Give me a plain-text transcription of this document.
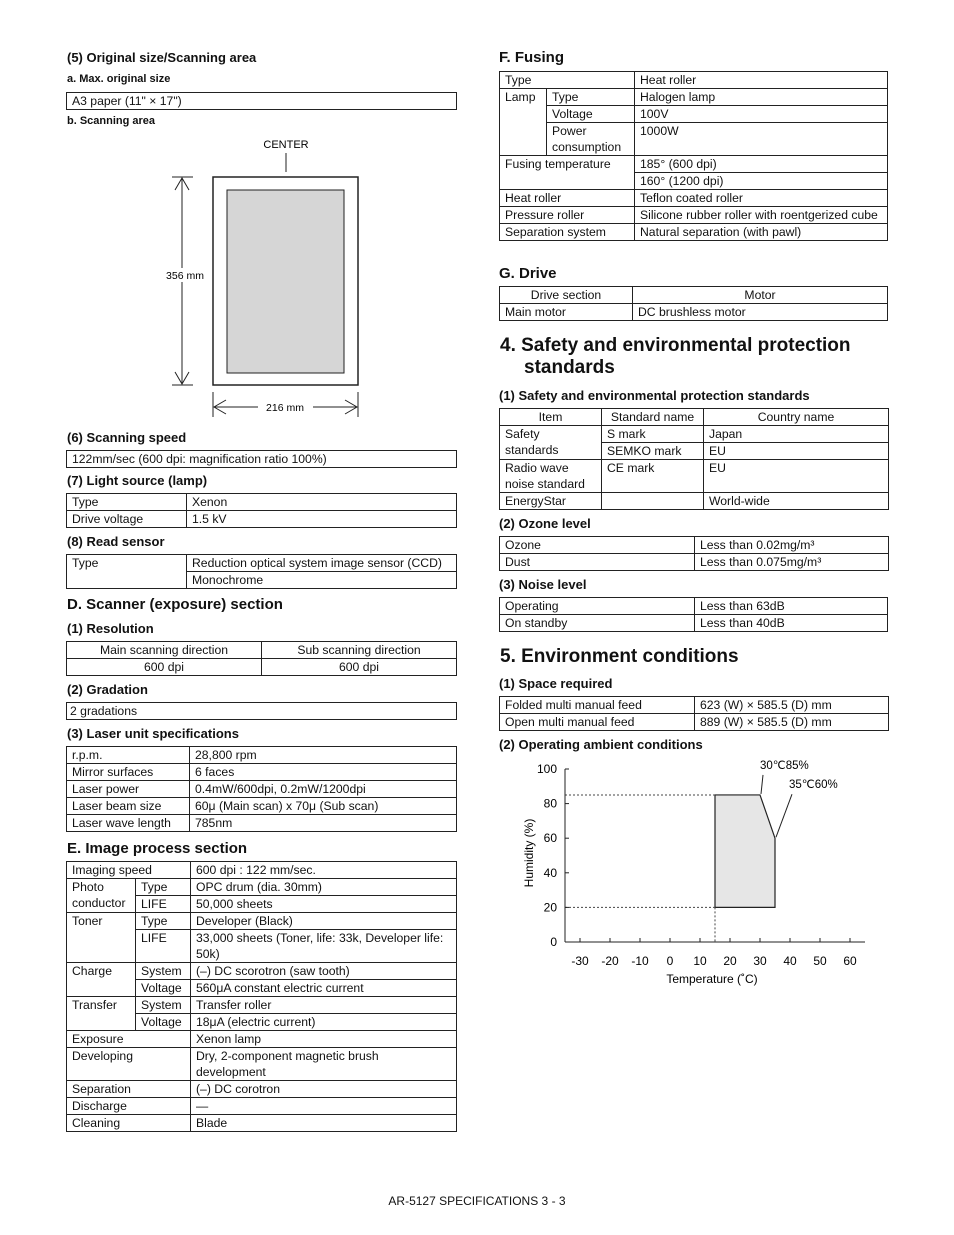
(5) Original size/Scanning area
a. Max. original size
A3 paper (11" × 17")
b. Scanning area
CENTER
356 mm
216 mm
(6) Scanning speed
122mm/sec (600 dpi: magnification ratio 100%)
(7) Light source (lamp)
Type	Xenon
Drive voltage	1.5 kV
(8) Read sensor
Type	Reduction optical system image sensor (CCD)
Monochrome
D. Scanner (exposure) section
(1) Resolution
Main scanning direction	Sub scanning direction
600 dpi	600 dpi
(2) Gradation
2 gradations
(3) Laser unit specifications
r.p.m.	28,800 rpm
Mirror surfaces	6 faces
Laser power	0.4mW/600dpi, 0.2mW/1200dpi
Laser beam size	60μ (Main scan) x 70μ (Sub scan)
Laser wave length	785nm
E. Image process section
Imaging speed		600 dpi : 122 mm/sec.
Photo conductor	Type	OPC drum (dia. 30mm)
	LIFE	50,000 sheets
Toner	Type	Developer (Black)
	LIFE	33,000 sheets (Toner, life: 33k, Developer life: 50k)
Charge	System	(–) DC scorotron (saw tooth)
	Voltage	560μA constant electric current
Transfer	System	Transfer roller
	Voltage	18μA (electric current)
Exposure		Xenon lamp
Developing		Dry, 2-component magnetic brush development
Separation		(–) DC corotron
Discharge		—
Cleaning		Blade
F. Fusing
Type		Heat roller
Lamp	Type	Halogen lamp
	Voltage	100V
	Power consumption	1000W
Fusing temperature		185° (600 dpi)
		160° (1200 dpi)
Heat roller		Teflon coated roller
Pressure roller		Silicone rubber roller with roentgerized cube
Separation system		Natural separation (with pawl)
G. Drive
Drive section	Motor
Main motor	DC brushless motor
4. Safety and environmental protection
standards
(1) Safety and environmental protection standards
Item	Standard name	Country name
Safety standards	S mark	Japan
	SEMKO mark	EU
Radio wave noise standard	CE mark	EU
EnergyStar		World-wide
(2) Ozone level
Ozone	Less than 0.02mg/m³
Dust	Less than 0.075mg/m³
(3) Noise level
Operating	Less than 63dB
On standby	Less than 40dB
5. Environment conditions
(1) Space required
Folded multi manual feed	623 (W) × 585.5 (D) mm
Open multi manual feed	889 (W) × 585.5 (D) mm
(2) Operating ambient conditions
-30 -20 -10 0 10 20 30 40 50 60
0
20
40
60
80
100	30℃85%
35℃60%
Temperature (˚C)
Humidity (%)
AR-5127 SPECIFICATIONS 3 - 3
